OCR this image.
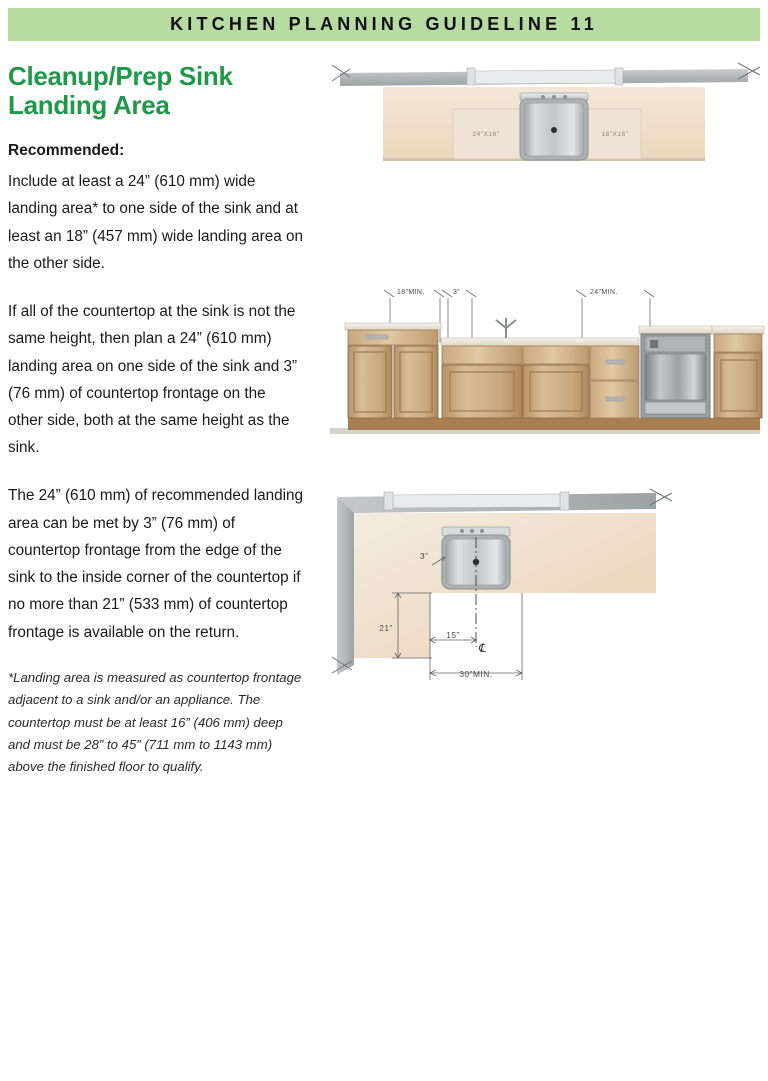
KITCHEN PLANNING GUIDELINE 11
Cleanup/Prep Sink
Landing Area

Recommended:

Include at least a 24” (610 mm) wide landing area* to one side of the sink and at least an 18” (457 mm) wide landing area on the other side.

If all of the countertop at the sink is not the same height, then plan a 24” (610 mm) landing area on one side of the sink and 3” (76 mm) of countertop frontage on the other side, both at the same height as the sink.

The 24” (610 mm) of recommended landing area can be met by 3” (76 mm) of countertop frontage from the edge of the sink to the inside corner of the countertop if no more than 21” (533 mm) of countertop frontage is available on the return.

*Landing area is measured as countertop frontage adjacent to a sink and/or an appliance. The countertop must be at least 16” (406 mm) deep and must be 28” to 45” (711 mm to 1143 mm) above the finished floor to qualify.

24”X16”	18”X16”
18”MIN.	3”	24”MIN.
3”
21”
15”
℄
30”MIN.
